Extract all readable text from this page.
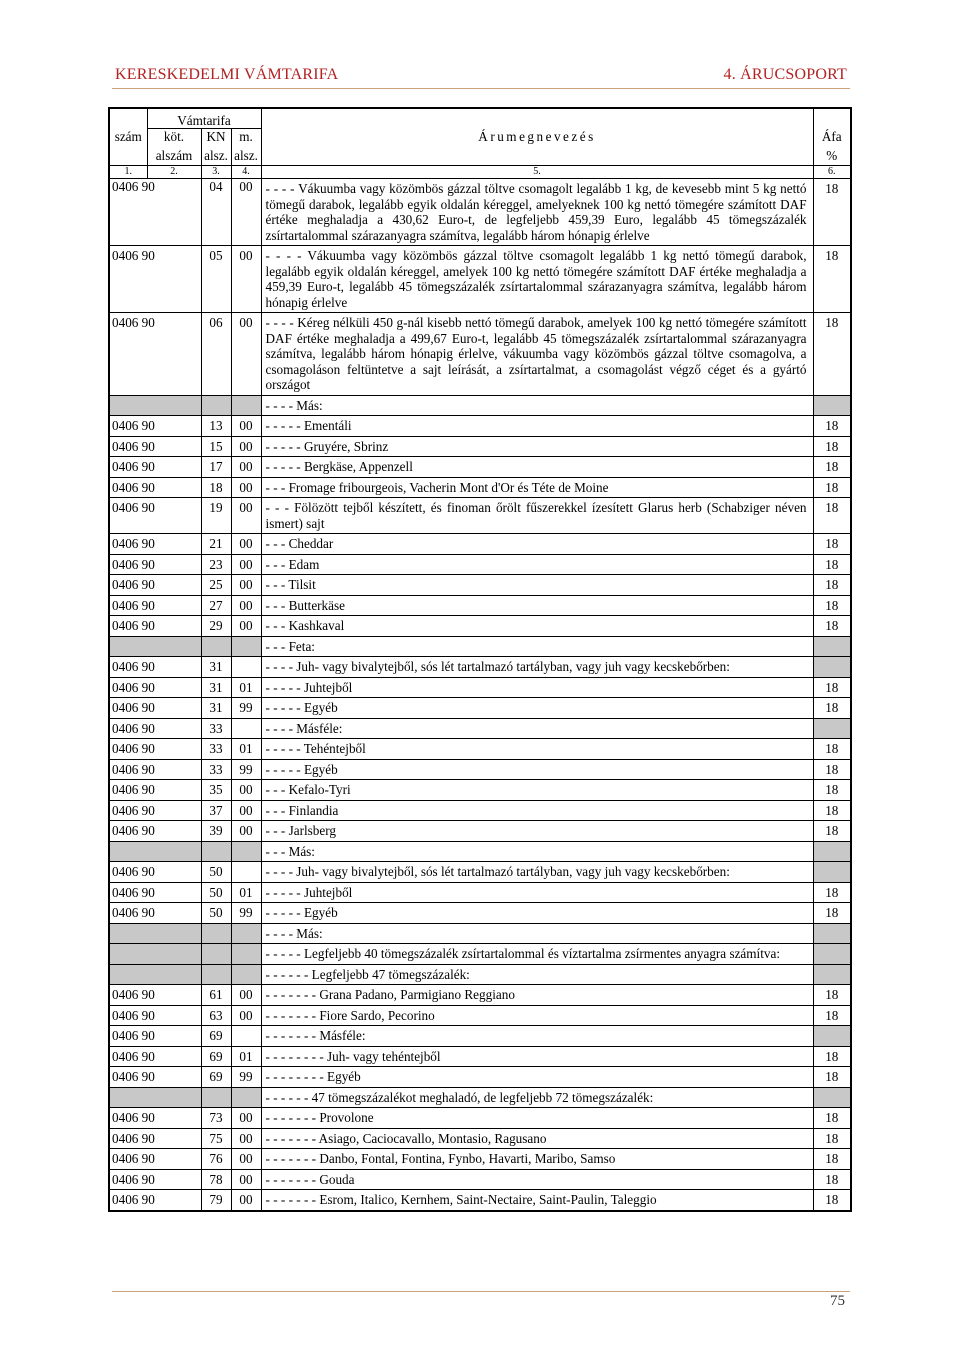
KERESKEDELMI VÁMTARIFA	4. ÁRUCSOPORT
	Vámtarifa				
szám	köt.	KN	m.	Árumegnevezés	Áfa
	alszám	alsz.	alsz.		%
1.	2.	3.	4.	5.	6.
0406 90		04	00	- - - - Vákuumba vagy közömbös gázzal töltve csomagolt legalább 1 kg, de kevesebb mint 5 kg nettó tömegű darabok, legalább egyik oldalán kéreggel, amelyeknek 100 kg nettó tömegére számított DAF értéke meghaladja a 430,62 Euro-t, de legfeljebb 459,39 Euro, legalább 45 tömegszázalék zsírtartalommal szárazanyagra számítva, legalább három hónapig érlelve	18
0406 90		05	00	- - - - Vákuumba vagy közömbös gázzal töltve csomagolt legalább 1 kg nettó tömegű darabok, legalább egyik oldalán kéreggel, amelyek 100 kg nettó tömegére számított DAF értéke meghaladja a 459,39 Euro-t, legalább 45 tömegszázalék zsírtartalommal szárazanyagra számítva, legalább három hónapig érlelve	18
0406 90		06	00	- - - - Kéreg nélküli 450 g-nál kisebb nettó tömegű darabok, amelyek 100 kg nettó tömegére számított DAF értéke meghaladja a 499,67 Euro-t, legalább 45 tömegszázalék zsírtartalommal szárazanyagra számítva, legalább három hónapig érlelve, vákuumba vagy közömbös gázzal töltve csomagolva, a csomagoláson feltüntetve a sajt leírását, a zsírtartalmat, a csomagolást végző céget és a gyártó országot	18
				- - - - Más:	
0406 90		13	00	- - - - - Ementáli	18
0406 90		15	00	- - - - - Gruyére, Sbrinz	18
0406 90		17	00	- - - - - Bergkäse, Appenzell	18
0406 90		18	00	- - - Fromage fribourgeois, Vacherin Mont d'Or és Téte de Moine	18
0406 90		19	00	- - - Fölözött tejből készített, és finoman őrölt fűszerekkel ízesített Glarus herb (Schabziger néven ismert) sajt	18
0406 90		21	00	- - - Cheddar	18
0406 90		23	00	- - - Edam	18
0406 90		25	00	- - - Tilsit	18
0406 90		27	00	- - - Butterkäse	18
0406 90		29	00	- - - Kashkaval	18
				- - - Feta:	
0406 90		31		- - - - Juh- vagy bivalytejből, sós lét tartalmazó tartályban, vagy juh vagy kecskebőrben:	
0406 90		31	01	- - - - - Juhtejből	18
0406 90		31	99	- - - - - Egyéb	18
0406 90		33		- - - - Másféle:	
0406 90		33	01	- - - - - Tehéntejből	18
0406 90		33	99	- - - - - Egyéb	18
0406 90		35	00	- - - Kefalo-Tyri	18
0406 90		37	00	- - - Finlandia	18
0406 90		39	00	- - - Jarlsberg	18
				- - - Más:	
0406 90		50		- - - - Juh- vagy bivalytejből, sós lét tartalmazó tartályban, vagy juh vagy kecskebőrben:	
0406 90		50	01	- - - - - Juhtejből	18
0406 90		50	99	- - - - - Egyéb	18
				- - - - Más:	
				- - - - - Legfeljebb 40 tömegszázalék zsírtartalommal és víztartalma zsírmentes anyagra számítva:	
				- - - - - - Legfeljebb 47 tömegszázalék:	
0406 90		61	00	- - - - - - - Grana Padano, Parmigiano Reggiano	18
0406 90		63	00	- - - - - - - Fiore Sardo, Pecorino	18
0406 90		69		- - - - - - - Másféle:	
0406 90		69	01	- - - - - - - - Juh- vagy tehéntejből	18
0406 90		69	99	- - - - - - - - Egyéb	18
				- - - - - - 47 tömegszázalékot meghaladó, de legfeljebb 72 tömegszázalék:	
0406 90		73	00	- - - - - - - Provolone	18
0406 90		75	00	- - - - - - - Asiago, Caciocavallo, Montasio, Ragusano	18
0406 90		76	00	- - - - - - - Danbo, Fontal, Fontina, Fynbo, Havarti, Maribo, Samso	18
0406 90		78	00	- - - - - - - Gouda	18
0406 90		79	00	- - - - - - - Esrom, Italico, Kernhem, Saint-Nectaire, Saint-Paulin, Taleggio	18
75
